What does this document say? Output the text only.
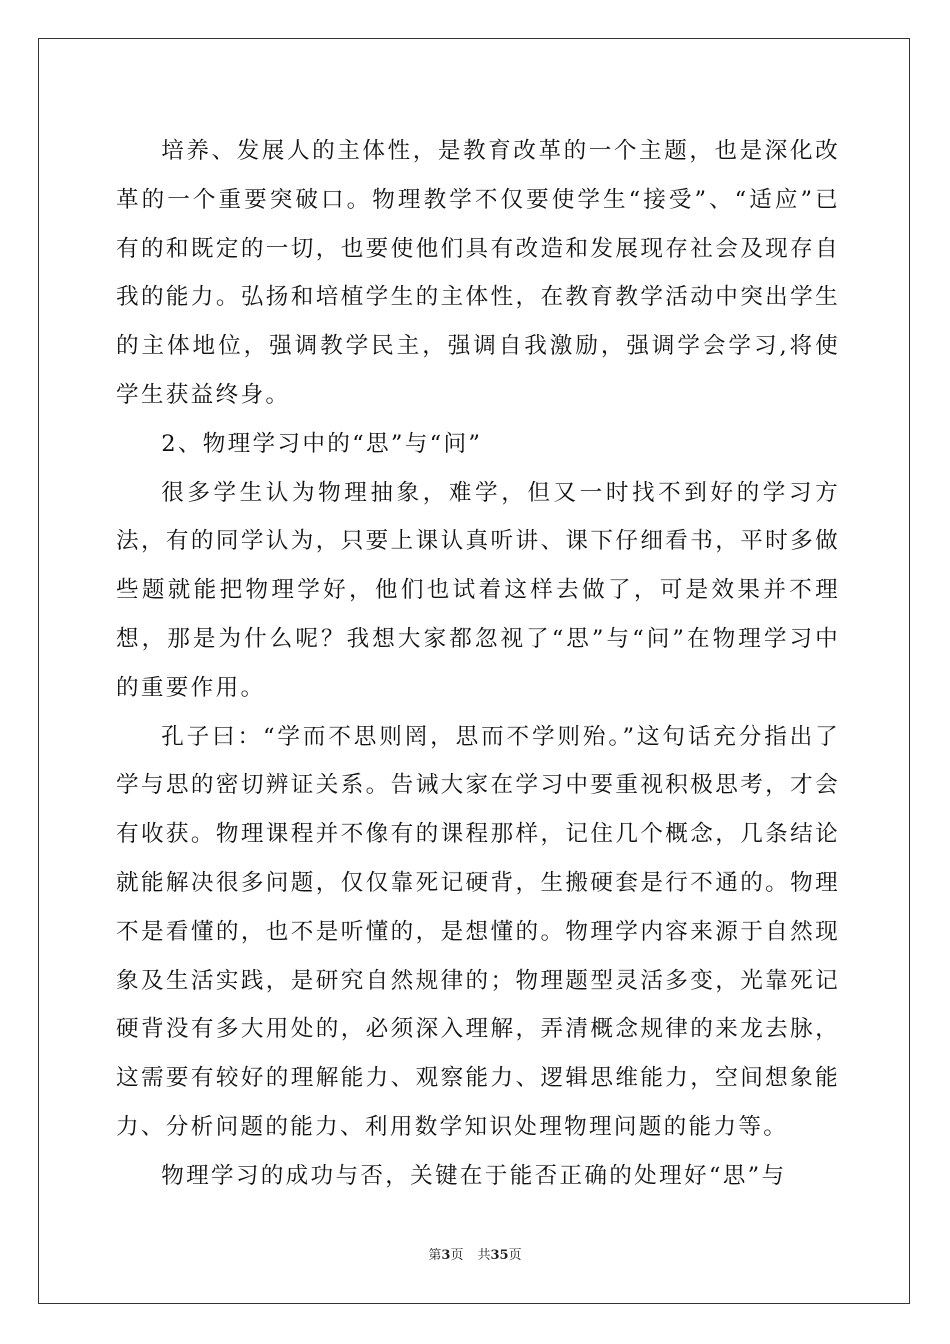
培养、发展人的主体性，是教育改革的一个主题，也是深化改革的一个重要突破口。物理教学不仅要使学生“接受”、“适应”已有的和既定的一切，也要使他们具有改造和发展现存社会及现存自我的能力。弘扬和培植学生的主体性，在教育教学活动中突出学生的主体地位，强调教学民主，强调自我激励，强调学会学习,将使学生获益终身。

2、物理学习中的“思”与“问”

很多学生认为物理抽象，难学，但又一时找不到好的学习方法，有的同学认为，只要上课认真听讲、课下仔细看书，平时多做些题就能把物理学好，他们也试着这样去做了，可是效果并不理想，那是为什么呢？我想大家都忽视了“思”与“问”在物理学习中的重要作用。

孔子曰：“学而不思则罔，思而不学则殆。”这句话充分指出了学与思的密切辨证关系。告诫大家在学习中要重视积极思考，才会有收获。物理课程并不像有的课程那样，记住几个概念，几条结论就能解决很多问题，仅仅靠死记硬背，生搬硬套是行不通的。物理不是看懂的，也不是听懂的，是想懂的。物理学内容来源于自然现象及生活实践，是研究自然规律的；物理题型灵活多变，光靠死记硬背没有多大用处的，必须深入理解，弄清概念规律的来龙去脉，这需要有较好的理解能力、观察能力、逻辑思维能力，空间想象能力、分析问题的能力、利用数学知识处理物理问题的能力等。

物理学习的成功与否，关键在于能否正确的处理好“思”与

第3页 共35页
